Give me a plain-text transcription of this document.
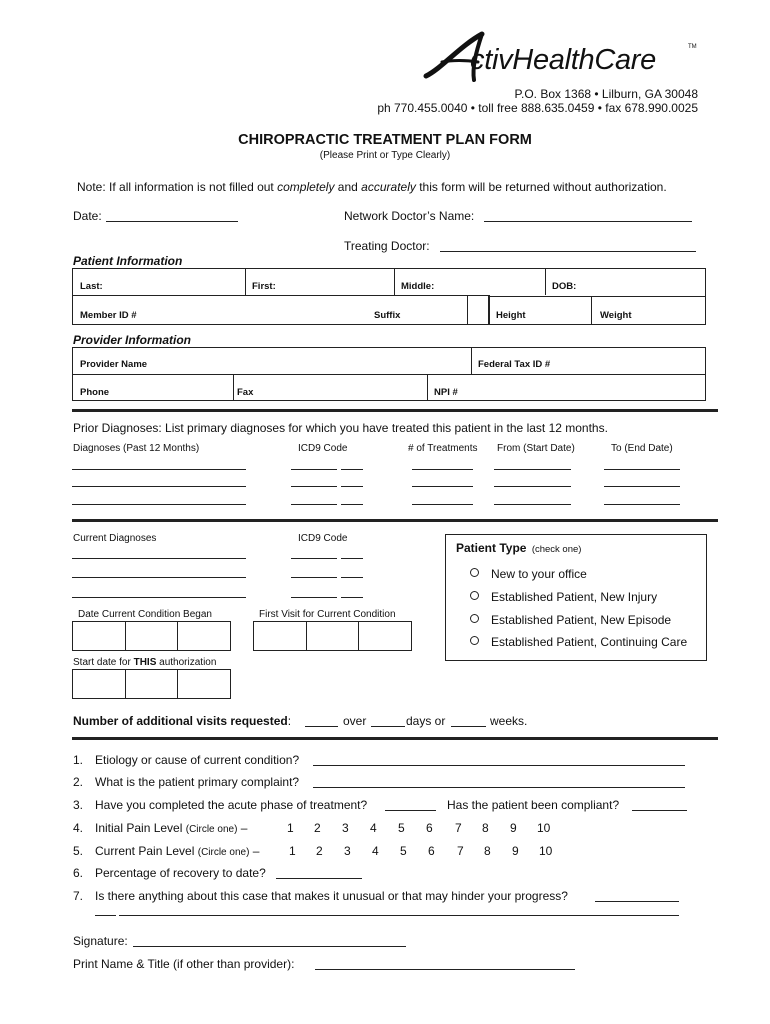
ctivHealthCare	TM
P.O. Box 1368 • Lilburn, GA 30048
ph 770.455.0040 • toll free 888.635.0459 • fax 678.990.0025
CHIROPRACTIC TREATMENT PLAN FORM
(Please Print or Type Clearly)
Note: If all information is not filled out completely and accurately this form will be returned without authorization.
Date:	Network Doctor’s Name:
Treating Doctor:
Patient Information
Last:	First:	Middle:	DOB:
Member ID #	Suffix	Height	Weight
Provider Information
Provider Name	Federal Tax ID #
Phone	Fax	NPI #
Prior Diagnoses: List primary diagnoses for which you have treated this patient in the last 12 months.
Diagnoses (Past 12 Months)	ICD9 Code	# of Treatments From (Start Date)	To (End Date)
Current Diagnoses	ICD9 Code
Date Current Condition Began	First Visit for Current Condition
Start date for THIS authorization
Patient Type (check one)
New to your office
Established Patient, New Injury
Established Patient, New Episode
Established Patient, Continuing Care
Number of additional visits requested:	over	days or	weeks.
1. Etiology or cause of current condition?
2. What is the patient primary complaint?
3. Have you completed the acute phase of treatment?	Has the patient been compliant?
4. Initial Pain Level (Circle one) –	1 2 3 4 5 6 7 8 9 10
5. Current Pain Level (Circle one) – 1 2 3 4 5 6 7 8 9 10
6. Percentage of recovery to date?
7. Is there anything about this case that makes it unusual or that may hinder your progress?
Signature:
Print Name & Title (if other than provider):
